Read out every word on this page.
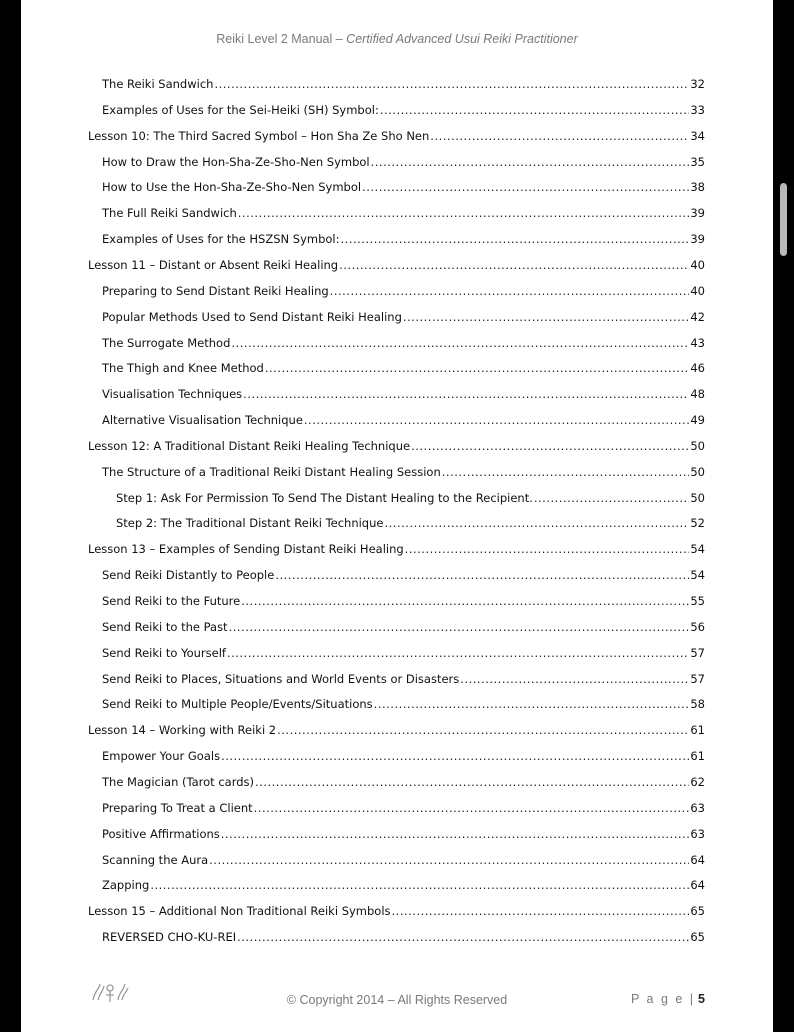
Reiki Level 2 Manual – Certified Advanced Usui Reiki Practitioner
The Reiki Sandwich .....	32
Examples of Uses for the Sei-Heiki (SH) Symbol: .....	33
Lesson 10: The Third Sacred Symbol – Hon Sha Ze Sho Nen .....	34
How to Draw the Hon-Sha-Ze-Sho-Nen Symbol .....	35
How to Use the Hon-Sha-Ze-Sho-Nen Symbol .....	38
The Full Reiki Sandwich .....	39
Examples of Uses for the HSZSN Symbol: .....	39
Lesson 11 – Distant or Absent Reiki Healing .....	40
Preparing to Send Distant Reiki Healing .....	40
Popular Methods Used to Send Distant Reiki Healing .....	42
The Surrogate Method .....	43
The Thigh and Knee Method .....	46
Visualisation Techniques .....	48
Alternative Visualisation Technique .....	49
Lesson 12: A Traditional Distant Reiki Healing Technique .....	50
The Structure of a Traditional Reiki Distant Healing Session .....	50
Step 1: Ask For Permission To Send The Distant Healing to the Recipient. .....	50
Step 2: The Traditional Distant Reiki Technique .....	52
Lesson 13 – Examples of Sending Distant Reiki Healing .....	54
Send Reiki Distantly to People .....	54
Send Reiki to the Future .....	55
Send Reiki to the Past .....	56
Send Reiki to Yourself .....	57
Send Reiki to Places, Situations and World Events or Disasters .....	57
Send Reiki to Multiple People/Events/Situations .....	58
Lesson 14 – Working with Reiki 2 .....	61
Empower Your Goals .....	61
The Magician (Tarot cards) .....	62
Preparing To Treat a Client .....	63
Positive Affirmations .....	63
Scanning the Aura .....	64
Zapping .....	64
Lesson 15 – Additional Non Traditional Reiki Symbols .....	65
REVERSED CHO-KU-REI .....	65
© Copyright 2014 – All Rights Reserved	P a g e | 5
